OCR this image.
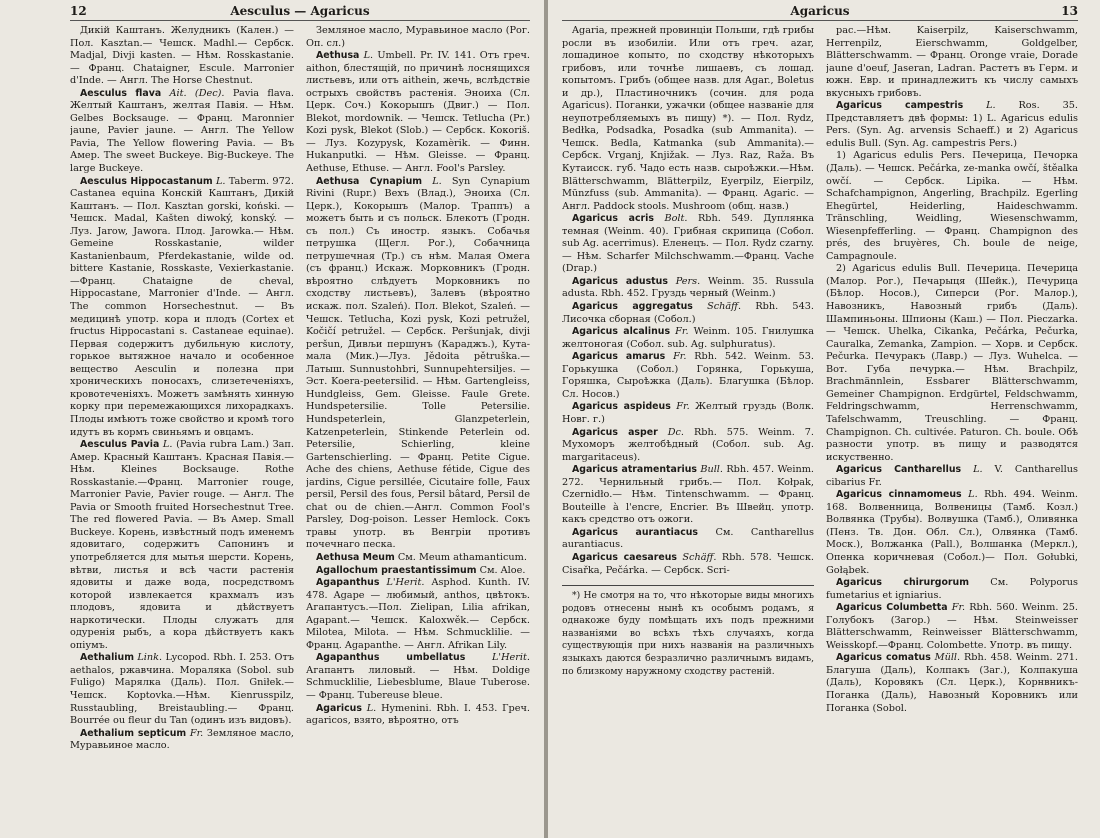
12	Aesculus — Agaricus

Дикій Каштанъ. Желудникъ (Кален.) — Пол. Kasztan.— Чешск. Madhl.— Сербск. Madjal, Divji kasten. — Нѣм. Rosskastanie. — Франц. Chataigner, Escule. Marronier d'Inde. — Англ. The Horse Chestnut.

Aesculus flava Ait. (Dec). Pavia flava. Желтый Каштанъ, желтая Павія. — Нѣм. Gelbes Bocksauge. — Франц. Maronnier jaune, Pavier jaune. — Англ. The Yellow Pavia, The Yellow flowering Pavia. — Въ Амер. The sweet Buckeye. Big-Buckeye. The large Buckeye.

Aesculus Hippocastanum L. Taberm. 972. Castanea equina Конскій Каштанъ, Дикій Каштанъ. — Пол. Kasztan gorski, koński. — Чешск. Madal, Kašten diwoký, konský. — Луз. Jarow, Jawora. Плод. Jarowka.— Нѣм. Gemeine Rosskastanie, wilder Kastanienbaum, Pferdekastanie, wilde od. bittere Kastanie, Rosskaste, Vexierkastanie.—Франц. Chataigne de cheval, Hippocastane, Marronier d'Inde. — Англ. The common Horsechestnut. — Въ медицинѣ употр. кора и плодъ (Cortex et fructus Hippocastani s. Castaneae equinae). Первая содержитъ дубильную кислоту, горькое вытяжное начало и особенное вещество Aesculin и полезна при хроническихъ поносахъ, слизетеченіяхъ, кровотеченіяхъ. Можетъ замѣнять хинную корку при перемежающихся лихорадкахъ. Плоды имѣютъ тоже свойство и кромѣ того идутъ въ кормъ свиньямъ и овцамъ.

Aesculus Pavia L. (Pavia rubra Lam.) Зап. Амер. Красный Каштанъ. Красная Павія.—Нѣм. Kleines Bocksauge. Rothe Rosskastanie.—Франц. Marronier rouge, Marronier Pavie, Pavier rouge. — Англ. The Pavia or Smooth fruited Horsechestnut Tree. The red flowered Pavia. — Въ Амер. Small Buckeye. Корень, извѣстный подъ именемъ ядовитаго, содержитъ Сапонинъ и употребляется для мытья шерсти. Корень, вѣтви, листья и всѣ части растенія ядовиты и даже вода, посредствомъ которой извлекается крахмалъ изъ плодовъ, ядовита и дѣйствуетъ наркотически. Плоды служатъ для одуренія рыбъ, а кора дѣйствуетъ какъ опіумъ.

Aethalium Link. Lycopod. Rbh. I. 253. Отъ aethalos, ржавчина. Мораляка (Sobol. sub Fuligo) Марялка (Даль). Пол. Gniłek.— Чешск. Koptovka.—Нѣм. Kienrusspilz, Russtaubling, Breistaubling.— Франц. Bourrée ou fleur du Tan (одинъ изъ видовъ).

Aethalium septicum Fr. Земляное масло, Муравьиное масло.

Земляное масло, Муравьиное масло (Рог. Оп. сл.)

Aethusa L. Umbell. Pr. IV. 141. Отъ греч. aithon, блестящій, по причинѣ лоснящихся листьевъ, или отъ aithein, жечь, вслѣдствіе острыхъ свойствъ растенія. Эноиха (Сл. Церк. Соч.) Кокорышъ (Двиг.) — Пол. Blekot, mordownik. — Чешск. Tetlucha (Pr.) Kozi pysk, Blekot (Slob.) — Сербск. Koкoriš. — Луз. Kozypysk, Kozamèrik. — Финн. Hukanputki. — Нѣм. Gleisse. — Франц. Aethuse, Ethuse. — Англ. Fool's Parsley.

Aethusa Cynapium L. Syn Cynapium Rivini (Rupr.) Вехъ (Влад.), Эноиха (Сл. Церк.), Кокорышъ (Малор. Траппъ) а можетъ быть и съ польск. Блекотъ (Гродн. съ пол.) Съ иностр. языкъ. Собачья петрушка (Щегл. Рог.), Собачница петрушечная (Тр.) съ нѣм. Малая Омега (съ франц.) Искаж. Морковникъ (Гродн. вѣроятно слѣдуетъ Морковникъ по сходству листьевъ), Залевъ (вѣроятно искаж. пол. Szaleń). Пол. Blekot, Szaleń. — Чешск. Tetlucha, Kozi pysk, Kozi petružel, Kočičí petružel. — Сербск. Peršunjak, divji peršun, Дивљи першунъ (Караджъ.), Кута-мала (Мик.)—Луз. Jědoita pětruška.—Латыш. Sunnustohbri, Sunnupehtersiljes. — Эст. Koera-peetersilid. — Нѣм. Gartengleiss, Hundgleiss, Gem. Gleisse. Faule Grete. Hundspetersilie. Tolle Petersilie. Hundspeterlein, Glanzpeterlein, Katzenpeterlein, Stinkende Peterlein od. Petersilie, Schierling, kleine Gartenschierling. — Франц. Petite Cigue. Ache des chiens, Aethuse fétide, Cigue des jardins, Cigue persillée, Cicutaire folle, Faux persil, Persil des fous, Persil bâtard, Persil de chat ou de chien.—Англ. Common Fool's Parsley, Dog-poison. Lesser Hemlock. Сокъ травы употр. въ Венгріи противъ почечнаго песка.

Aethusa Meum См. Meum athamanticum.

Agallochum praestantissimum См. Aloe.

Agapanthus L'Herit. Asphod. Kunth. IV. 478. Agape — любимый, anthos, цвѣтокъ. Агапантусъ.—Пол. Zielipan, Lilia afrikan, Agapant.— Чешск. Kaloxwěk.— Сербск. Milotea, Milota. — Нѣм. Schmucklilie. — Франц. Agapanthe. — Англ. Afrikan Lily.

Agapanthus umbellatus	L'Herit. Агапантъ лиловый. — Нѣм. Doldige Schmucklilie, Liebesblume, Blaue Tuberose. — Франц. Tubereuse bleue.

Agaricus L. Hymenini. Rbh. I. 453. Греч. agaricos, взято, вѣроятно, отъ

Agaricus	13

Agaria, прежней провинціи Польши, гдѣ грибы росли въ изобиліи. Или отъ греч. azar, лошадиное копыто, по сходству нѣкоторыхъ грибовъ, или точнѣе лишаевъ, съ лошад. копытомъ. Грибъ (общее назв. для Agar., Boletus и др.), Пластиночникъ (сочин. для рода Agaricus). Поганки, ужачки (общее названіе для неупотребляемыхъ въ пищу) *). — Пол. Rydz, Bedłka, Podsadka, Posadka (sub Ammanita). — Чешск. Bedla, Katmanka (sub Ammanita).—Сербск. Vrganj, Knjižak. — Луз. Raz, Raža. Въ Кутаисск. губ. Чадо есть назв. сыроѣжки.—Нѣм. Blätterschwamm, Blätterpilz, Eyerpilz, Eierpilz, Mūnzfuss (sub. Ammanita). — Франц. Agaric. — Англ. Paddock stools. Mushroom (общ. назв.)

Agaricus acris Bolt. Rbh. 549. Дуплянка темная (Weinm. 40). Грибная скрипица (Собол. sub Ag. acerrimus). Еленецъ. — Пол. Rydz czarny. — Нѣм. Scharfer Milchschwamm.—Франц. Vache (Drap.)

Agaricus adustus Pers. Weinm. 35. Russula adusta. Rbh. 452. Груздь черный (Weinm.)

Agaricus aggregatus Schäff. Rbh. 543. Лисочка сборная (Собол.)

Agaricus alcalinus Fr. Weinm. 105. Гнилушка желтоногая (Собол. sub. Ag. sulphuratus).

Agaricus amarus Fr. Rbh. 542. Weinm. 53. Горькушка (Собол.) Горянка, Горькуша, Горяшка, Сыроѣжка (Даль). Благушка (Бѣлор. Сл. Носов.)

Agaricus aspideus Fr. Желтый груздь (Волк. Новг. г.)

Agaricus asper Dc. Rbh. 575. Weinm. 7. Мухоморъ желтобѣдный (Собол. sub. Ag. margaritaceus).

Agaricus atramentarius Bull. Rbh. 457. Weinm. 272. Чернильный грибъ.— Пол. Kołpak, Czernidło.— Нѣм. Tintenschwamm. — Франц. Bouteille à l'encre, Encrier. Въ Швейц. употр. какъ средство отъ ожоги.

Agaricus aurantiacus См. Cantharellus aurantiacus.

Agaricus caesareus Schäff. Rbh. 578. Чешск. Cisařka, Pečárka. — Сербск. Scri-

*) Не смотря на то, что нѣкоторые виды многихъ родовъ отнесены нынѣ къ особымъ родамъ, я однакоже буду помѣщать ихъ подъ прежними названіями во всѣхъ тѣхъ случаяхъ, когда существующія при нихъ названія на различныхъ языкахъ даются безразлично различнымъ видамъ, по близкому наружному сходству растеній.

pac.—Нѣм. Kaiserpilz, Kaiserschwamm, Herrenpilz, Eierschwamm, Goldgelber, Blätterschwamm. — Франц. Oronge vraie, Dorade jaune d'oeuf, Jaseran, Ladran. Растетъ въ Герм. и южн. Евр. и принадлежитъ къ числу самыхъ вкусныхъ грибовъ.

Agaricus campestris L. Ros. 35. Представляетъ двѣ формы: 1) L. Agaricus edulis Pers. (Syn. Ag. arvensis Schaeff.) и 2) Agaricus edulis Bull. (Syn. Ag. campestris Pers.)

1) Agaricus edulis Pers. Печерица, Печорка (Даль). — Чешск. Pečárka, ze-manka owčí, štěalka owčí. — Сербск. Lipika. — Нѣм. Schafchampignon, Angerling, Brachpilz. Egerling Ehegürtel, Heiderling, Haideschwamm. Tränschling, Weidling, Wiesenschwamm, Wiesenpfefferling. — Франц. Champignon des prés, des bruyères, Ch. boule de neige, Campagnoule.

2) Agaricus edulis Bull. Печерица. Печерица (Малор. Рог.), Печарыця (Шейк.), Печурица (Бѣлор. Носов.), Сиперси (Рог. Малор.), Навозникъ, Навозный грибъ (Даль). Шампиньоны. Шпионы (Каш.) — Пол. Pieczarka. — Чешск. Uhelka, Cikanka, Pečárka, Pečurka, Cauralka, Zemanka, Zampion. — Хорв. и Сербск. Pečurka. Печуракъ (Лавр.) — Луз. Wuhelca. — Вот. Губа печурка.— Нѣм. Brachpilz, Brachmännlein, Essbarer Blätterschwamm, Gemeiner Champignon. Erdgürtel, Feldschwamm, Feldringschwamm, Herrenschwamm, Tafelschwamm, Treuschling. — Франц. Champignon. Ch. cultivée. Paturon. Ch. boule. Обѣ разности употр. въ пищу и разводятся искуственно.

Agaricus Cantharellus L. V. Cantharellus cibarius Fr.

Agaricus cinnamomeus L. Rbh. 494. Weinm. 168. Волвенница, Волвеницы (Тамб. Козл.) Волвянка (Трубы). Волвушка (Тамб.), Оливянка (Пенз. Тв. Дон. Обл. Сл.), Олвянка (Тамб. Моск.), Волжанка (Pall.), Волшанка (Меркл.), Опенка коричневая (Собол.)— Пол. Gołubki, Gołąbek.

Agaricus chirurgorum См. Polyporus fumetarius et igniarius.

Agaricus Columbetta Fr. Rbh. 560. Weinm. 25. Голубокъ (Загор.) — Нѣм. Steinweisser Blätterschwamm, Reinweisser Blätterschwamm, Weisskopf.—Франц. Colombette. Употр. въ пищу.

Agaricus comatus Müll. Rbh. 458. Weinm. 271. Благуша (Даль), Колпакъ (Заг.), Колпакуша (Даль), Коровякъ (Сл. Церк.), Корнвникъ-Поганка (Даль), Навозный Коровникъ или Поганка (Sobol.
